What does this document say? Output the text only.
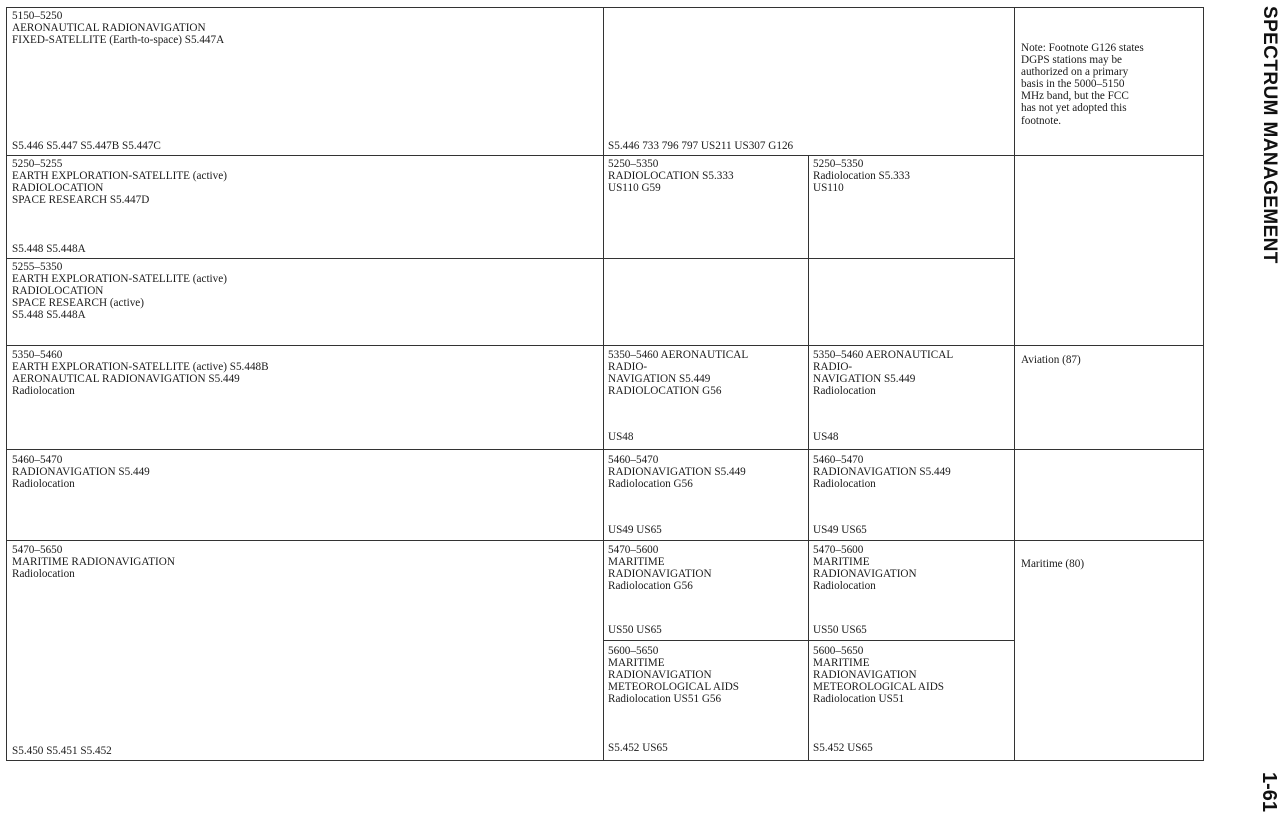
5150–5250
AERONAUTICAL RADIONAVIGATION
FIXED-SATELLITE (Earth-to-space) S5.447A
S5.446 S5.447 S5.447B S5.447C	S5.446 733 796 797 US211 US307 G126
Note: Footnote G126 states
DGPS stations may be
authorized on a primary
basis in the 5000–5150
MHz band, but the FCC
has not yet adopted this
footnote.
5250–5255
EARTH EXPLORATION-SATELLITE (active)
RADIOLOCATION
SPACE RESEARCH S5.447D
S5.448 S5.448A
5255–5350
EARTH EXPLORATION-SATELLITE (active)
RADIOLOCATION
SPACE RESEARCH (active)
S5.448 S5.448A
5250–5350
RADIOLOCATION S5.333
US110 G59
5250–5350
Radiolocation S5.333
US110
5350–5460
EARTH EXPLORATION-SATELLITE (active) S5.448B
AERONAUTICAL RADIONAVIGATION S5.449
Radiolocation
5350–5460 AERONAUTICAL
RADIO-
NAVIGATION S5.449
RADIOLOCATION G56
US48
5350–5460 AERONAUTICAL
RADIO-
NAVIGATION S5.449
Radiolocation
US48
Aviation (87)
5460–5470
RADIONAVIGATION S5.449
Radiolocation
5460–5470
RADIONAVIGATION S5.449
Radiolocation G56
US49 US65
5460–5470
RADIONAVIGATION S5.449
Radiolocation
US49 US65
5470–5650
MARITIME RADIONAVIGATION
Radiolocation
S5.450 S5.451 S5.452
5470–5600
MARITIME
RADIONAVIGATION
Radiolocation G56
US50 US65
5470–5600
MARITIME
RADIONAVIGATION
Radiolocation
US50 US65
5600–5650
MARITIME
RADIONAVIGATION
METEOROLOGICAL AIDS
Radiolocation US51 G56
S5.452 US65
5600–5650
MARITIME
RADIONAVIGATION
METEOROLOGICAL AIDS
Radiolocation US51
S5.452 US65
Maritime (80)
SPECTRUM MANAGEMENT
1-61
